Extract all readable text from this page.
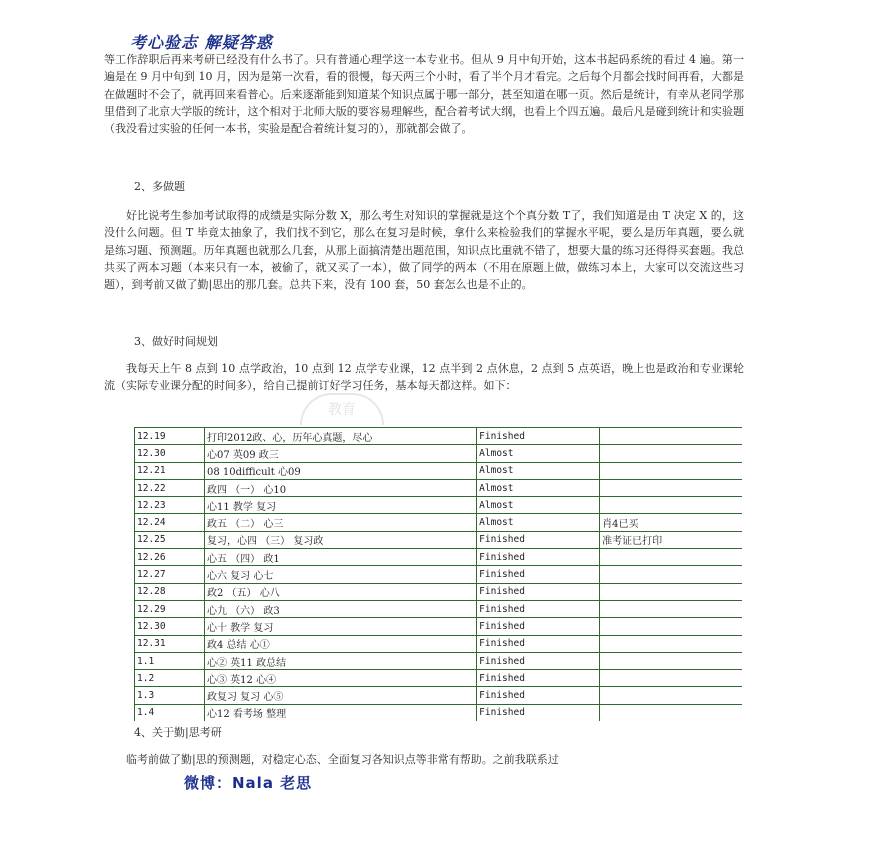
考心验志 解疑答惑
等工作辞职后再来考研已经没有什么书了。只有普通心理学这一本专业书。但从 9 月中旬开始，这本书起码系统的看过 4 遍。第一遍是在 9 月中旬到 10 月，因为是第一次看，看的很慢，每天两三个小时，看了半个月才看完。之后每个月都会找时间再看，大都是在做题时不会了，就再回来看普心。后来逐渐能到知道某个知识点属于哪一部分，甚至知道在哪一页。然后是统计，有幸从老同学那里借到了北京大学版的统计，这个相对于北师大版的要容易理解些，配合着考试大纲，也看上个四五遍。最后凡是碰到统计和实验题（我没看过实验的任何一本书，实验是配合着统计复习的），那就都会做了。
2、多做题
好比说考生参加考试取得的成绩是实际分数 X，那么考生对知识的掌握就是这个个真分数 T了，我们知道是由 T 决定 X 的，这没什么问题。但 T 毕竟太抽象了，我们找不到它，那么在复习是时候，拿什么来检验我们的掌握水平呢，要么是历年真题，要么就是练习题、预测题。历年真题也就那么几套，从那上面搞清楚出题范围，知识点比重就不错了，想要大量的练习还得得买套题。我总共买了两本习题（本来只有一本，被偷了，就又买了一本），做了同学的两本（不用在原题上做，做练习本上，大家可以交流这些习题），到考前又做了勤|思出的那几套。总共下来，没有 100 套，50 套怎么也是不止的。
3、做好时间规划
我每天上午 8 点到 10 点学政治，10 点到 12 点学专业课，12 点半到 2 点休息，2 点到 5 点英语，晚上也是政治和专业课轮流（实际专业课分配的时间多），给自己提前订好学习任务，基本每天都这样。如下：
教育
12.19	打印2012政、心，历年心真题，尽心	Finished	
12.30	心07 英09 政三	Almost	
12.21	08 10difficult 心09	Almost	
12.22	政四 （一） 心10	Almost	
12.23	心11 教学 复习	Almost	
12.24	政五 （二） 心三	Almost	肖4已买
12.25	复习，心四 （三） 复习政	Finished	准考证已打印
12.26	心五 （四） 政1	Finished	
12.27	心六 复习 心七	Finished	
12.28	政2 （五） 心八	Finished	
12.29	心九 （六） 政3	Finished	
12.30	心十 教学 复习	Finished	
12.31	政4 总结 心①	Finished	
1.1	心② 英11 政总结	Finished	
1.2	心③ 英12 心④	Finished	
1.3	政复习 复习 心⑤	Finished	
1.4	心12 看考场 整理	Finished	
4、关于勤|思考研
临考前做了勤|思的预测题，对稳定心态、全面复习各知识点等非常有帮助。之前我联系过
微博：Nala 老思
